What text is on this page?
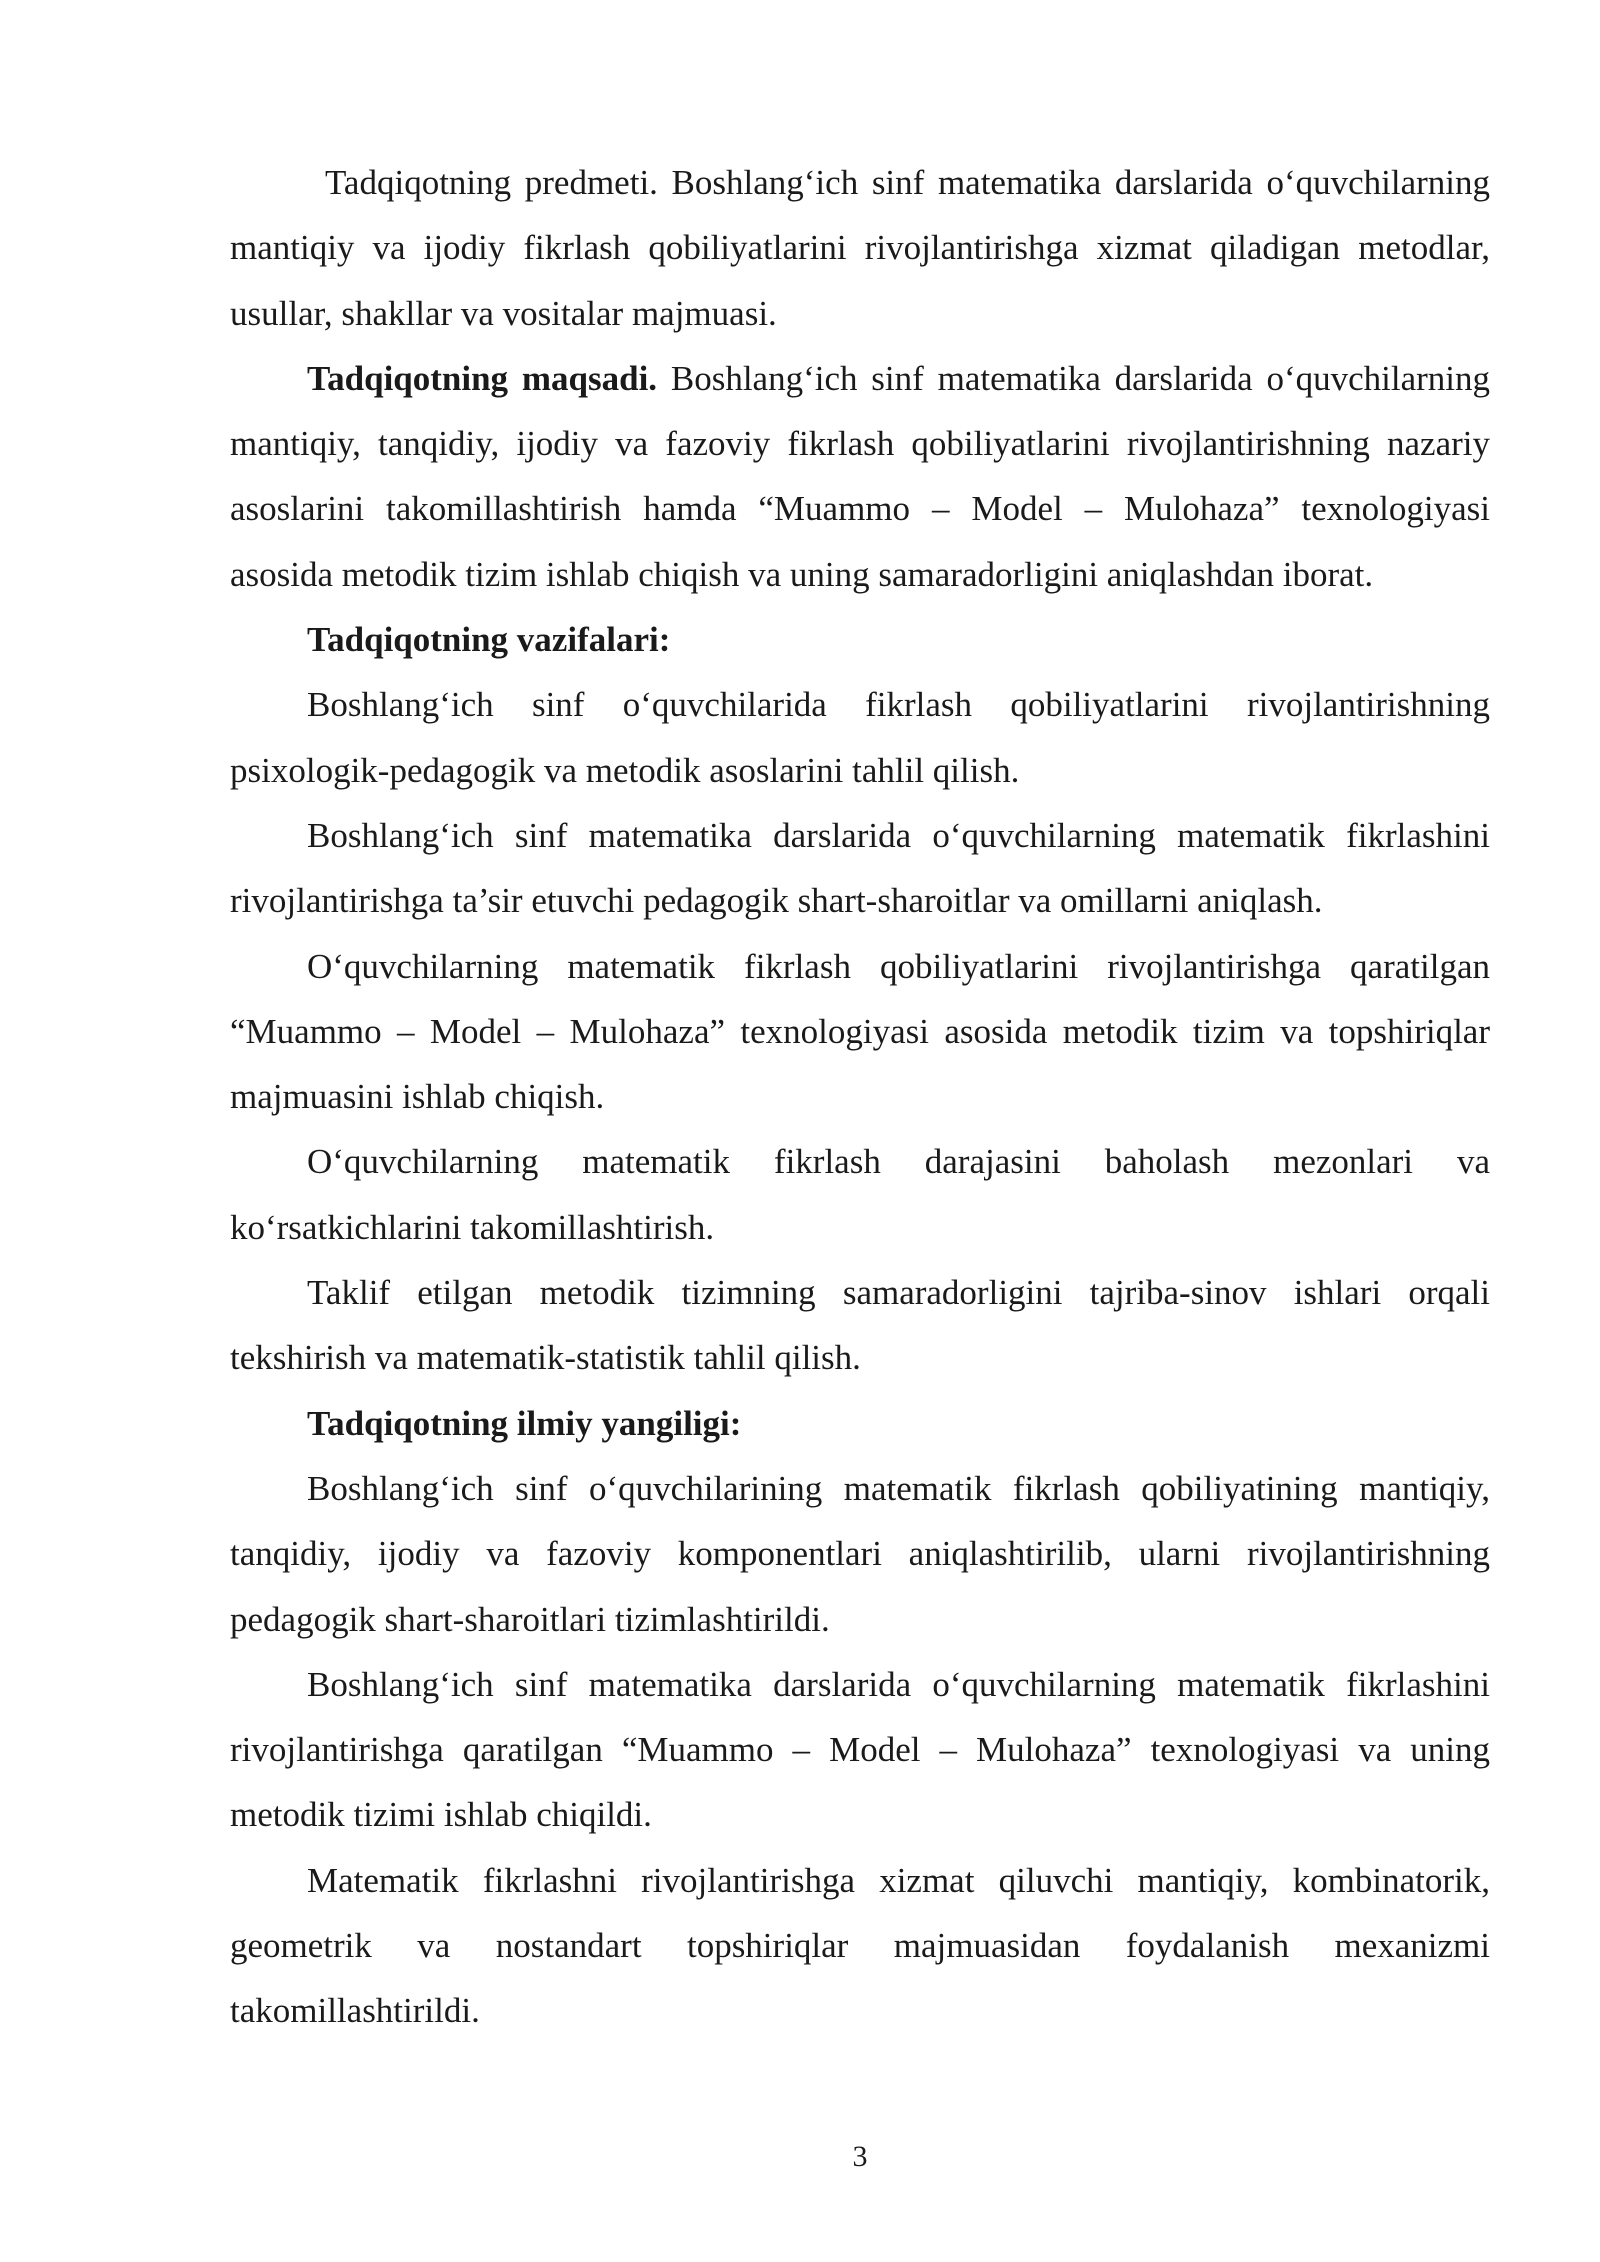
Tadqiqotning predmeti. Boshlang‘ich sinf matematika darslarida o‘quvchilarning mantiqiy va ijodiy fikrlash qobiliyatlarini rivojlantirishga xizmat qiladigan metodlar, usullar, shakllar va vositalar majmuasi.

Tadqiqotning maqsadi. Boshlang‘ich sinf matematika darslarida o‘quvchilarning mantiqiy, tanqidiy, ijodiy va fazoviy fikrlash qobiliyatlarini rivojlantirishning nazariy asoslarini takomillashtirish hamda “Muammo – Model – Mulohaza” texnologiyasi asosida metodik tizim ishlab chiqish va uning samaradorligini aniqlashdan iborat.

Tadqiqotning vazifalari:

Boshlang‘ich sinf o‘quvchilarida fikrlash qobiliyatlarini rivojlantirishning psixologik-pedagogik va metodik asoslarini tahlil qilish.

Boshlang‘ich sinf matematika darslarida o‘quvchilarning matematik fikrlashini rivojlantirishga ta’sir etuvchi pedagogik shart-sharoitlar va omillarni aniqlash.

O‘quvchilarning matematik fikrlash qobiliyatlarini rivojlantirishga qaratilgan “Muammo – Model – Mulohaza” texnologiyasi asosida metodik tizim va topshiriqlar majmuasini ishlab chiqish.

O‘quvchilarning matematik fikrlash darajasini baholash mezonlari va ko‘rsatkichlarini takomillashtirish.

Taklif etilgan metodik tizimning samaradorligini tajriba-sinov ishlari orqali tekshirish va matematik-statistik tahlil qilish.

Tadqiqotning ilmiy yangiligi:

Boshlang‘ich sinf o‘quvchilarining matematik fikrlash qobiliyatining mantiqiy, tanqidiy, ijodiy va fazoviy komponentlari aniqlashtirilib, ularni rivojlantirishning pedagogik shart-sharoitlari tizimlashtirildi.

Boshlang‘ich sinf matematika darslarida o‘quvchilarning matematik fikrlashini rivojlantirishga qaratilgan “Muammo – Model – Mulohaza” texnologiyasi va uning metodik tizimi ishlab chiqildi.

Matematik fikrlashni rivojlantirishga xizmat qiluvchi mantiqiy, kombinatorik, geometrik va nostandart topshiriqlar majmuasidan foydalanish mexanizmi takomillashtirildi.

3
